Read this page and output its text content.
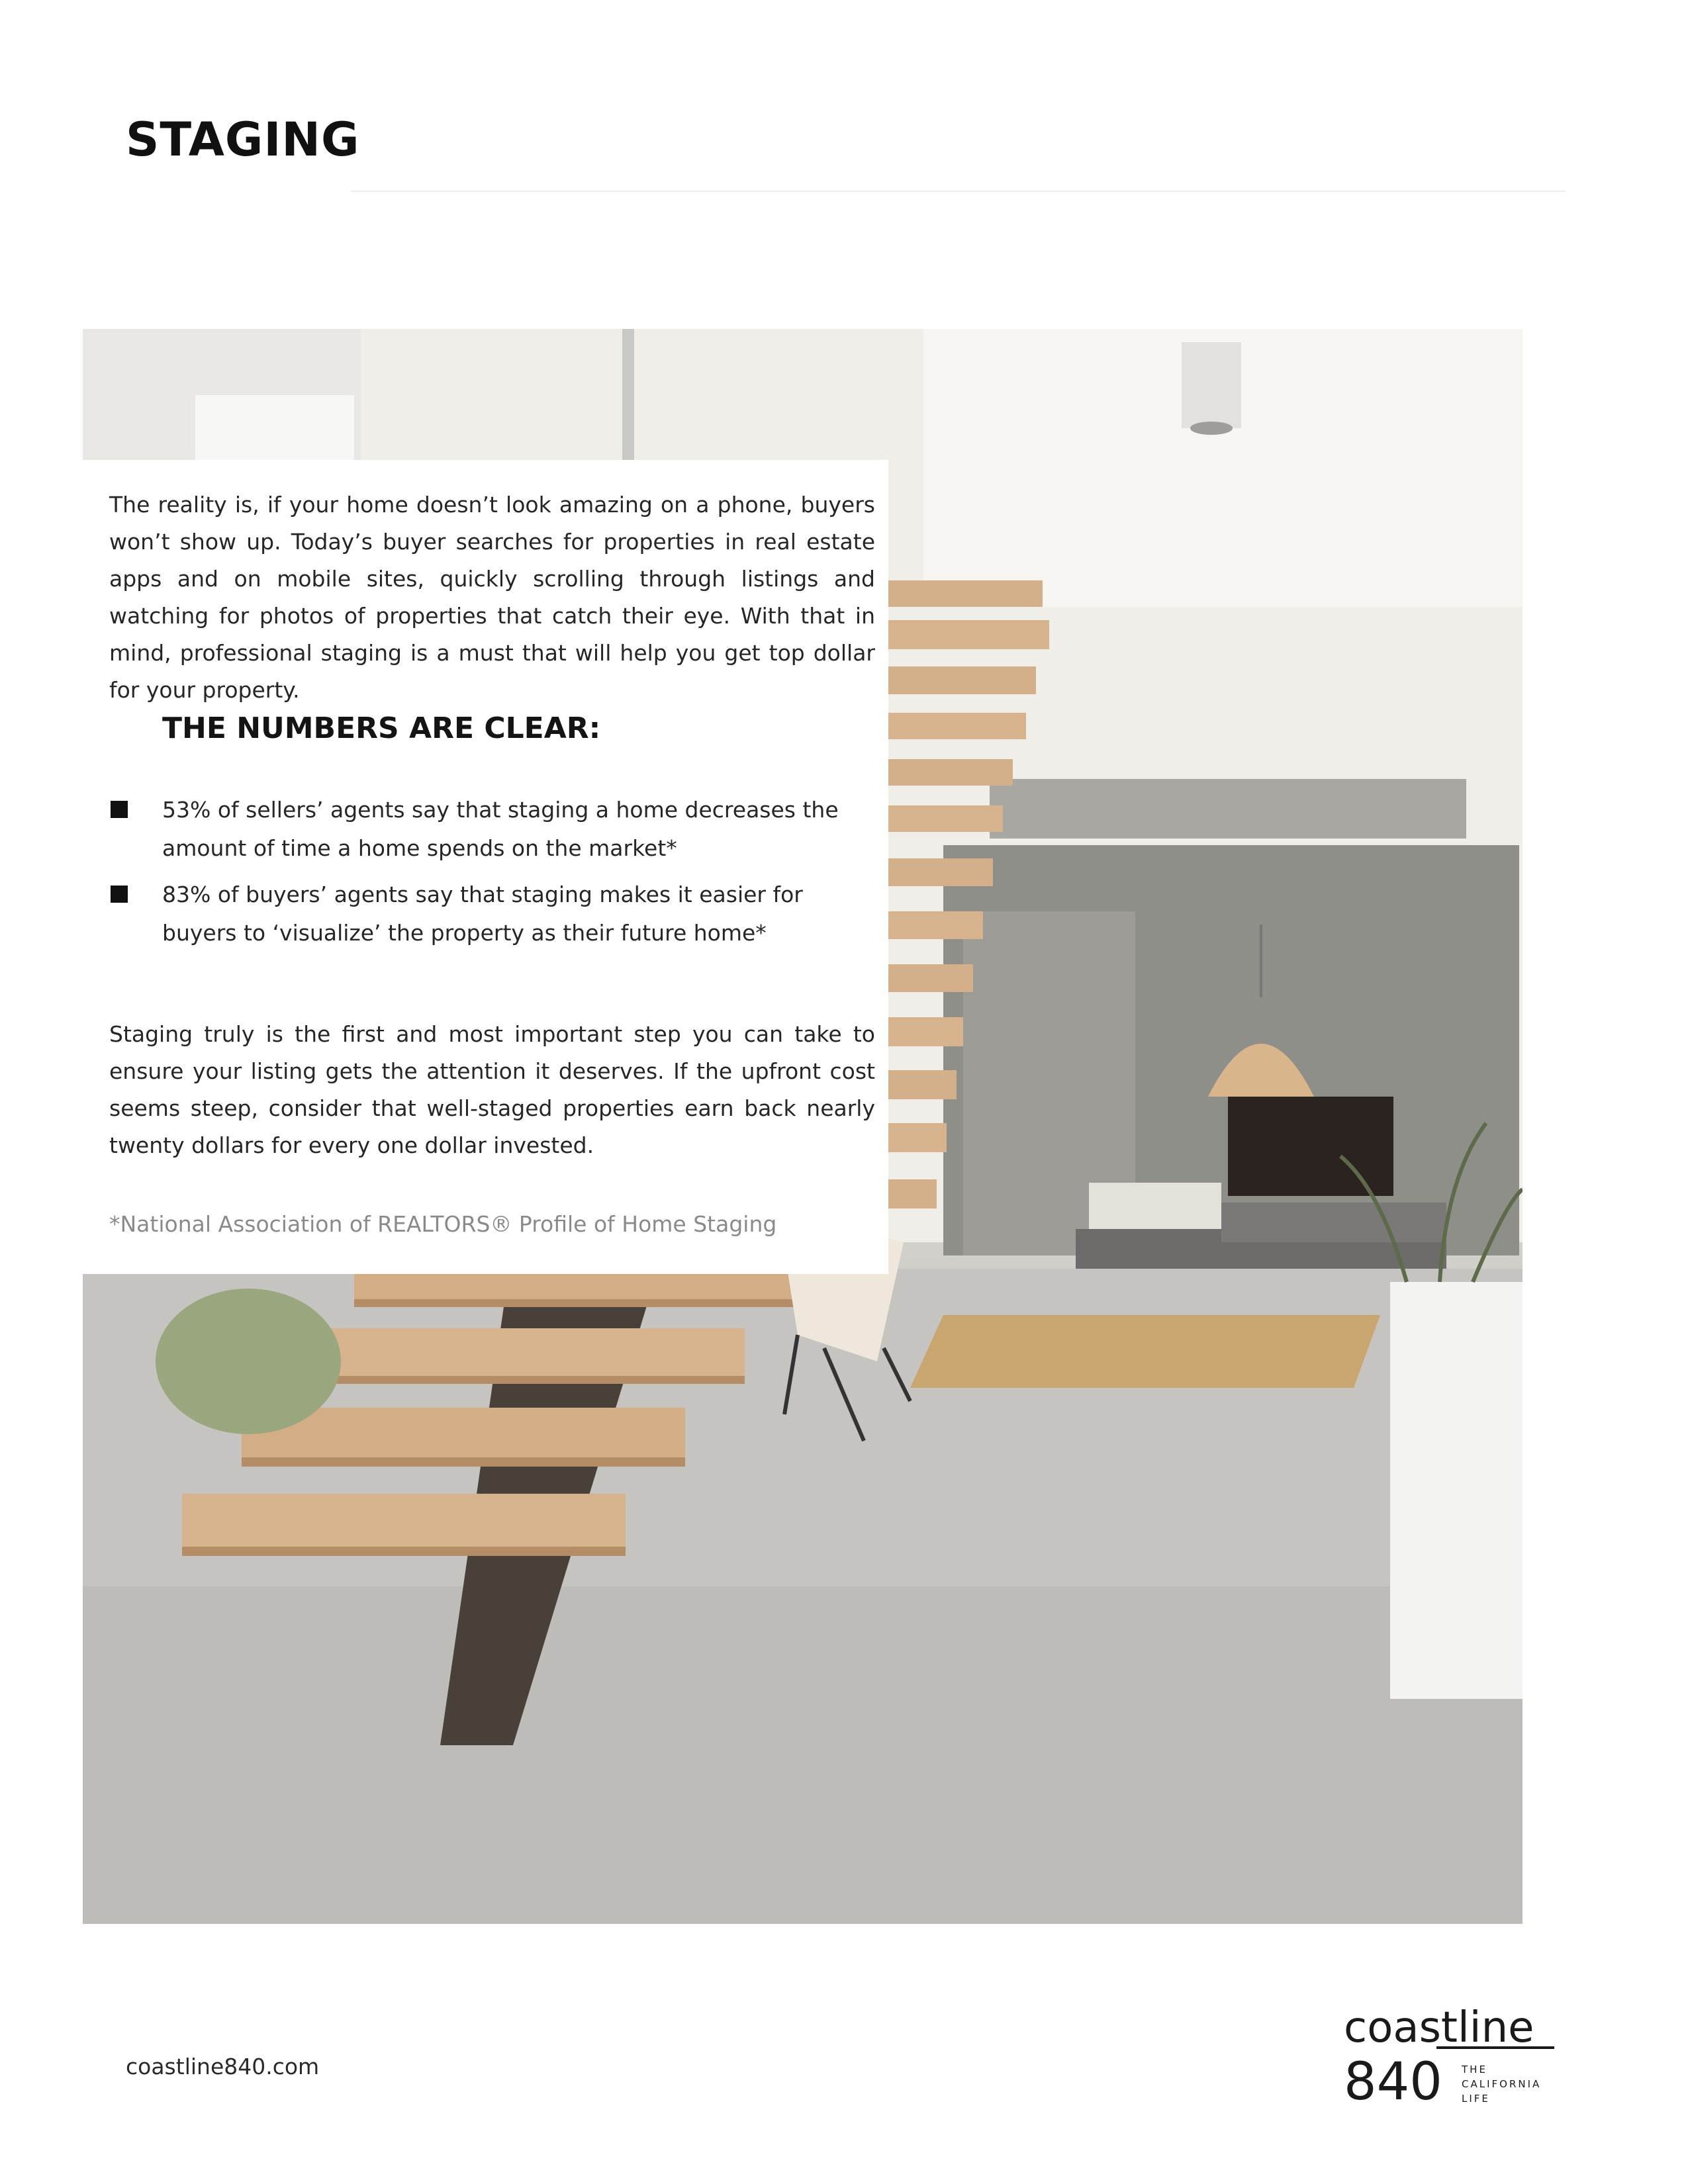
STAGING

The reality is, if your home doesn’t look amazing on a phone, buyers won’t show up. Today’s buyer searches for properties in real estate apps and on mobile sites, quickly scrolling through listings and watching for photos of properties that catch their eye. With that in mind, professional staging is a must that will help you get top dollar for your property.

THE NUMBERS ARE CLEAR:
53% of sellers’ agents say that staging a home decreases the amount of time a home spends on the market*
83% of buyers’ agents say that staging makes it easier for buyers to ‘visualize’ the property as their future home*

Staging truly is the first and most important step you can take to ensure your listing gets the attention it deserves. If the upfront cost seems steep, consider that well-staged properties earn back nearly twenty dollars for every one dollar invested.

*National Association of REALTORS® Profile of Home Staging

coastline840.com

coastline
840 THE
CALIFORNIA
LIFE
